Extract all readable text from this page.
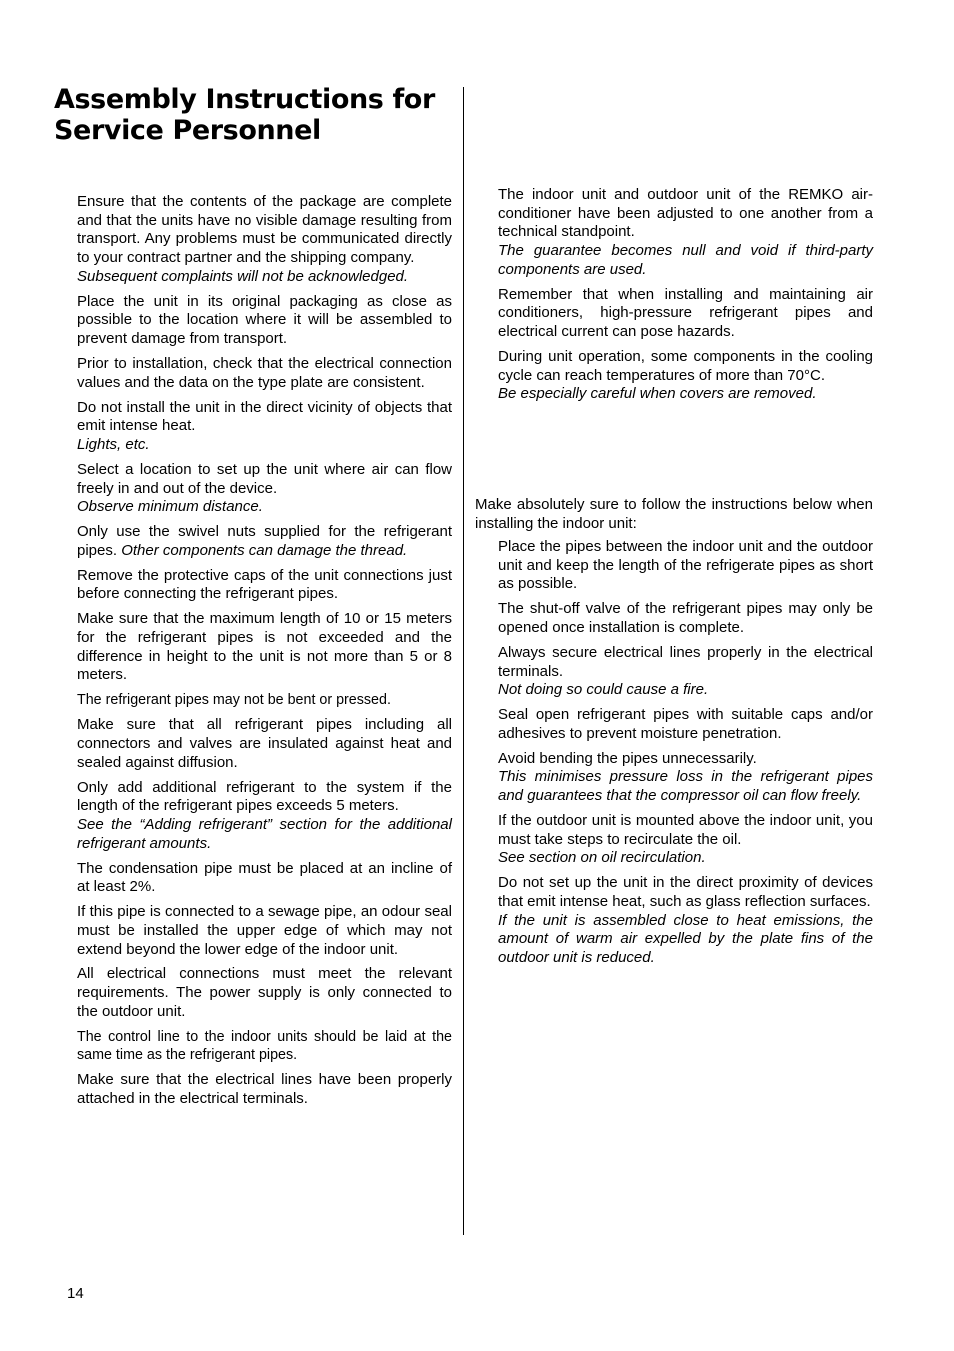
Assembly Instructions for
Service Personnel

Ensure that the contents of the package are complete and that the units have no visible damage resulting from transport. Any problems must be communicated directly to your contract partner and the shipping company.
Subsequent complaints will not be acknowledged.

Place the unit in its original packaging as close as possible to the location where it will be assembled to prevent damage from transport.

Prior to installation, check that the electrical connection values and the data on the type plate are consistent.

Do not install the unit in the direct vicinity of objects that emit intense heat.
Lights, etc.

Select a location to set up the unit where air can flow freely in and out of the device.
Observe minimum distance.

Only use the swivel nuts supplied for the refrigerant pipes. Other components can damage the thread.

Remove the protective caps of the unit connections just before connecting the refrigerant pipes.

Make sure that the maximum length of 10 or 15 meters for the refrigerant pipes is not exceeded and the difference in height to the unit is not more than 5 or 8 meters.

The refrigerant pipes may not be bent or pressed.

Make sure that all refrigerant pipes including all connectors and valves are insulated against heat and sealed against diffusion.

Only add additional refrigerant to the system if the length of the refrigerant pipes exceeds 5 meters.
See the “Adding refrigerant” section for the additional refrigerant amounts.

The condensation pipe must be placed at an incline of at least 2%.

If this pipe is connected to a sewage pipe, an odour seal must be installed the upper edge of which may not extend beyond the lower edge of the indoor unit.

All electrical connections must meet the relevant requirements. The power supply is only connected to the outdoor unit.

The control line to the indoor units should be laid at the same time as the refrigerant pipes.

Make sure that the electrical lines have been properly attached in the electrical terminals.

The indoor unit and outdoor unit of the REMKO air-conditioner have been adjusted to one another from a technical standpoint.
The guarantee becomes null and void if third-party components are used.

Remember that when installing and maintaining air conditioners, high-pressure refrigerant pipes and electrical current can pose hazards.

During unit operation, some components in the cooling cycle can reach temperatures of more than 70°C.
Be especially careful when covers are removed.

Make absolutely sure to follow the instructions below when installing the indoor unit:

Place the pipes between the indoor unit and the outdoor unit and keep the length of the refrigerate pipes as short as possible.

The shut-off valve of the refrigerant pipes may only be opened once installation is complete.

Always secure electrical lines properly in the electrical terminals.
Not doing so could cause a fire.

Seal open refrigerant pipes with suitable caps and/or adhesives to prevent moisture penetration.

Avoid bending the pipes unnecessarily.
This minimises pressure loss in the refrigerant pipes and guarantees that the compressor oil can flow freely.

If the outdoor unit is mounted above the indoor unit, you must take steps to recirculate the oil.
See section on oil recirculation.

Do not set up the unit in the direct proximity of devices that emit intense heat, such as glass reflection surfaces.
If the unit is assembled close to heat emissions, the amount of warm air expelled by the plate fins of the outdoor unit is reduced.

14
